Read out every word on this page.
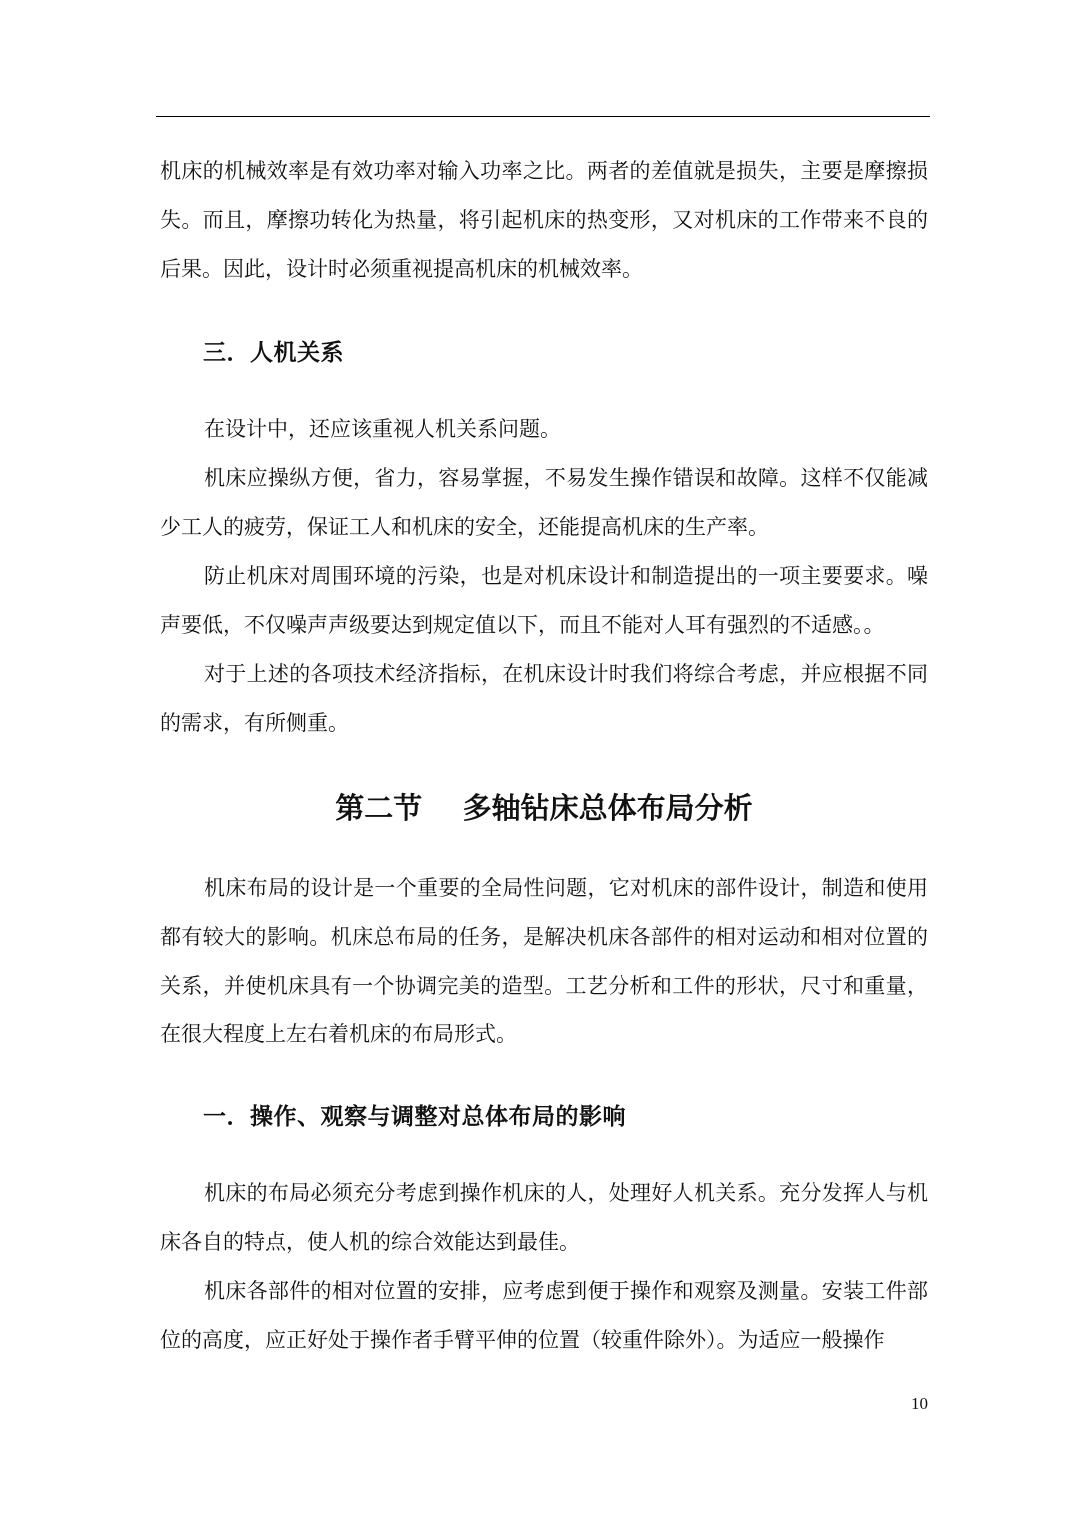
机床的机械效率是有效功率对输入功率之比。两者的差值就是损失，主要是摩擦损失。而且，摩擦功转化为热量，将引起机床的热变形，又对机床的工作带来不良的后果。因此，设计时必须重视提高机床的机械效率。

三．人机关系

在设计中，还应该重视人机关系问题。

机床应操纵方便，省力，容易掌握，不易发生操作错误和故障。这样不仅能减少工人的疲劳，保证工人和机床的安全，还能提高机床的生产率。

防止机床对周围环境的污染，也是对机床设计和制造提出的一项主要要求。噪声要低，不仅噪声声级要达到规定值以下，而且不能对人耳有强烈的不适感。。

对于上述的各项技术经济指标，在机床设计时我们将综合考虑，并应根据不同的需求，有所侧重。

第二节    多轴钻床总体布局分析

机床布局的设计是一个重要的全局性问题，它对机床的部件设计，制造和使用都有较大的影响。机床总布局的任务，是解决机床各部件的相对运动和相对位置的关系，并使机床具有一个协调完美的造型。工艺分析和工件的形状，尺寸和重量，在很大程度上左右着机床的布局形式。

一．操作、观察与调整对总体布局的影响

机床的布局必须充分考虑到操作机床的人，处理好人机关系。充分发挥人与机床各自的特点，使人机的综合效能达到最佳。

机床各部件的相对位置的安排，应考虑到便于操作和观察及测量。安装工件部位的高度，应正好处于操作者手臂平伸的位置（较重件除外）。为适应一般操作

10
